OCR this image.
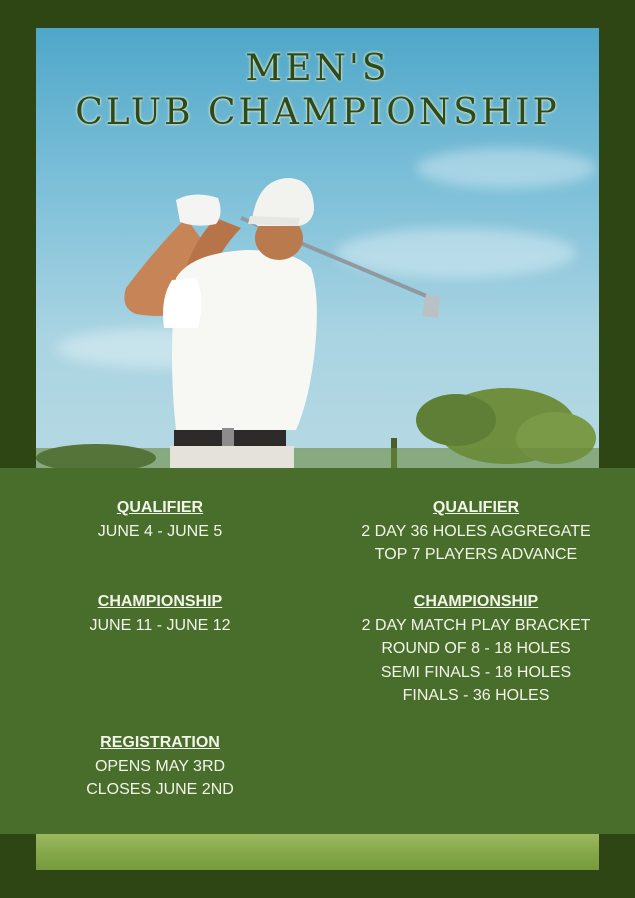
MEN'S
CLUB CHAMPIONSHIP
QUALIFIER
JUNE 4 - JUNE 5
CHAMPIONSHIP
JUNE 11 - JUNE 12
REGISTRATION
OPENS MAY 3RD
CLOSES JUNE 2ND
QUALIFIER
2 DAY 36 HOLES AGGREGATE
TOP 7 PLAYERS ADVANCE
CHAMPIONSHIP
2 DAY MATCH PLAY BRACKET
ROUND OF 8 - 18 HOLES
SEMI FINALS - 18 HOLES
FINALS - 36 HOLES
